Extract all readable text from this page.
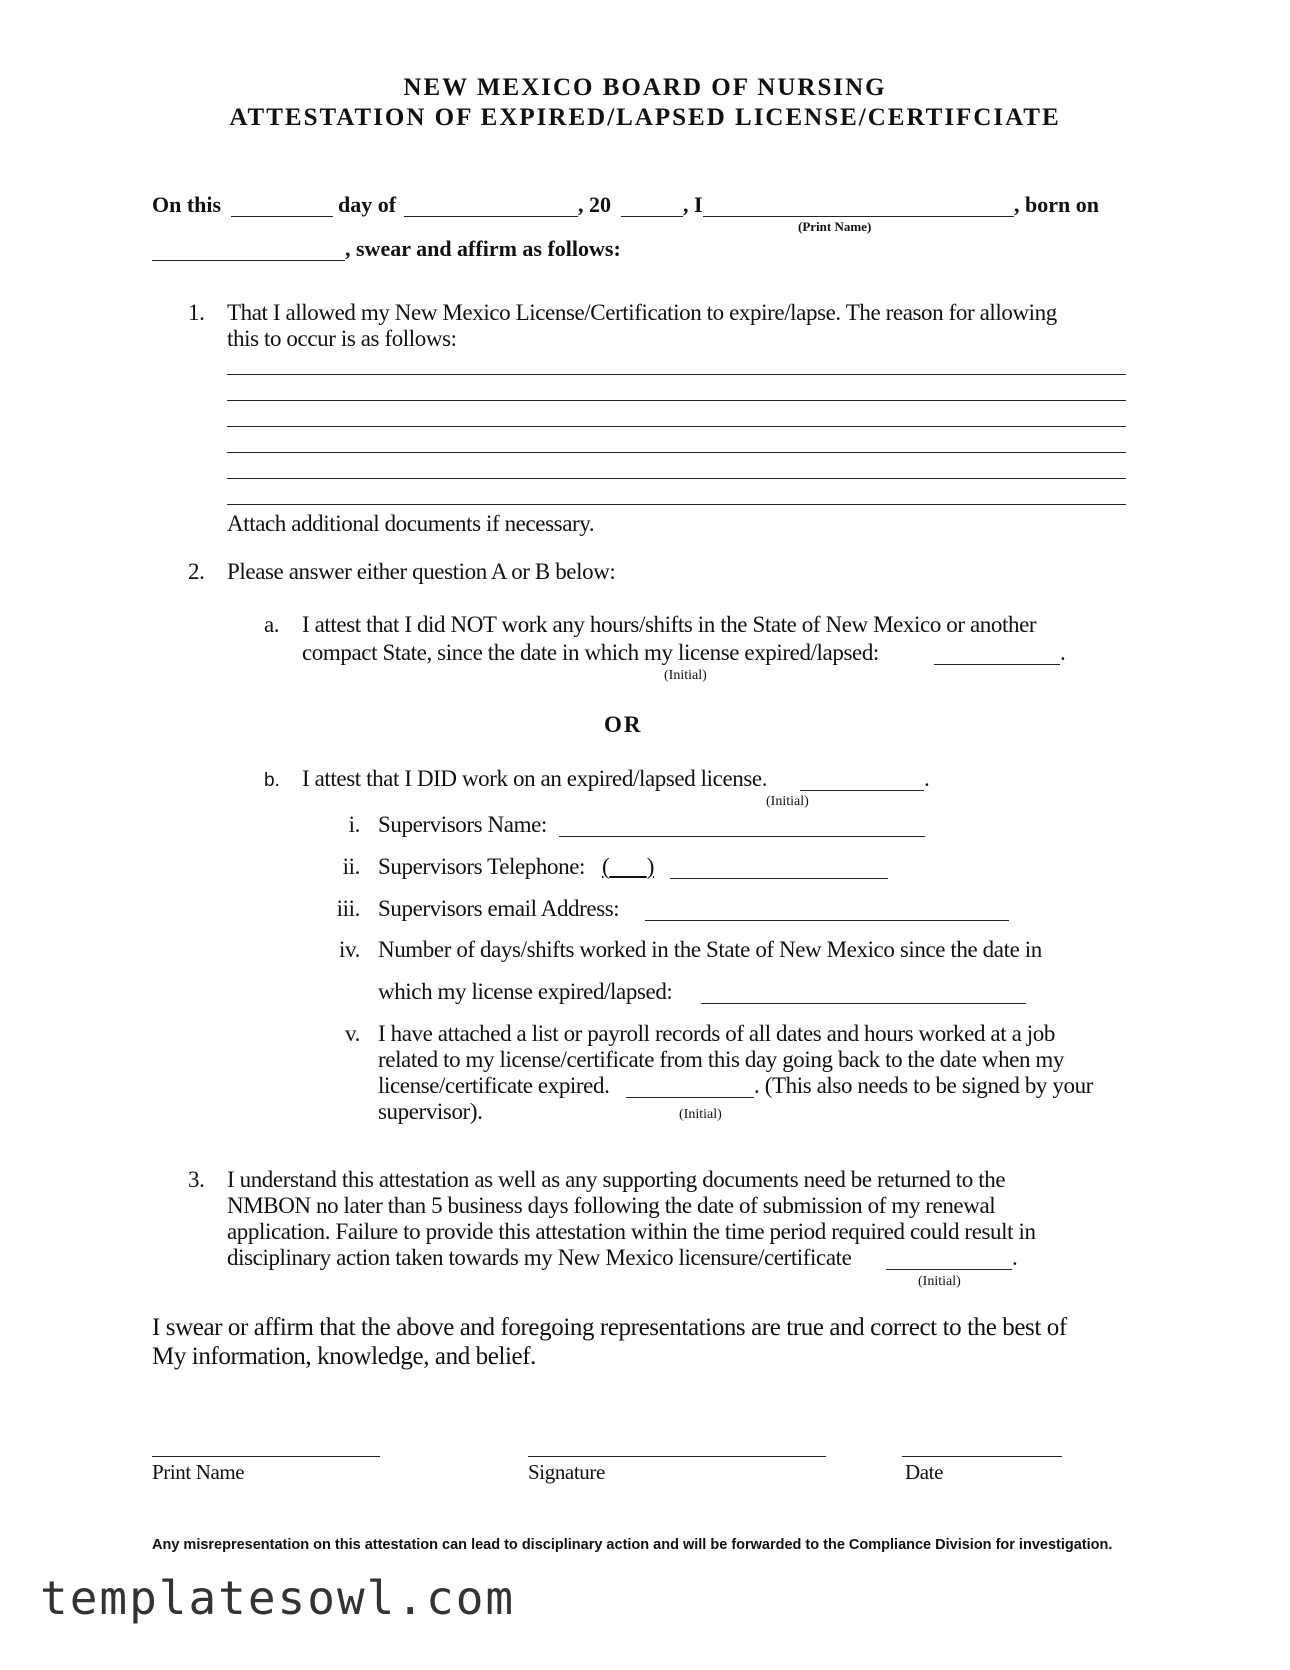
NEW MEXICO BOARD OF NURSING
ATTESTATION OF EXPIRED/LAPSED LICENSE/CERTIFCIATE
On this	day of	, 20	, I	, born on
(Print Name)
, swear and affirm as follows:
1. That I allowed my New Mexico License/Certification to expire/lapse. The reason for allowing
this to occur is as follows:
Attach additional documents if necessary.
2. Please answer either question A or B below:
a. I attest that I did NOT work any hours/shifts in the State of New Mexico or another
compact State, since the date in which my license expired/lapsed:	.
(Initial)
OR
b. I attest that I DID work on an expired/lapsed license.	.
(Initial)
i. Supervisors Name:
ii. Supervisors Telephone: ( )
iii. Supervisors email Address:
iv. Number of days/shifts worked in the State of New Mexico since the date in
which my license expired/lapsed:
v. I have attached a list or payroll records of all dates and hours worked at a job
related to my license/certificate from this day going back to the date when my
license/certificate expired.	. (This also needs to be signed by your
supervisor).	(Initial)
3. I understand this attestation as well as any supporting documents need be returned to the
NMBON no later than 5 business days following the date of submission of my renewal
application. Failure to provide this attestation within the time period required could result in
disciplinary action taken towards my New Mexico licensure/certificate	.
(Initial)
I swear or affirm that the above and foregoing representations are true and correct to the best of
My information, knowledge, and belief.
Print Name	Signature	Date
Any misrepresentation on this attestation can lead to disciplinary action and will be forwarded to the Compliance Division for investigation.
templatesowl.com
